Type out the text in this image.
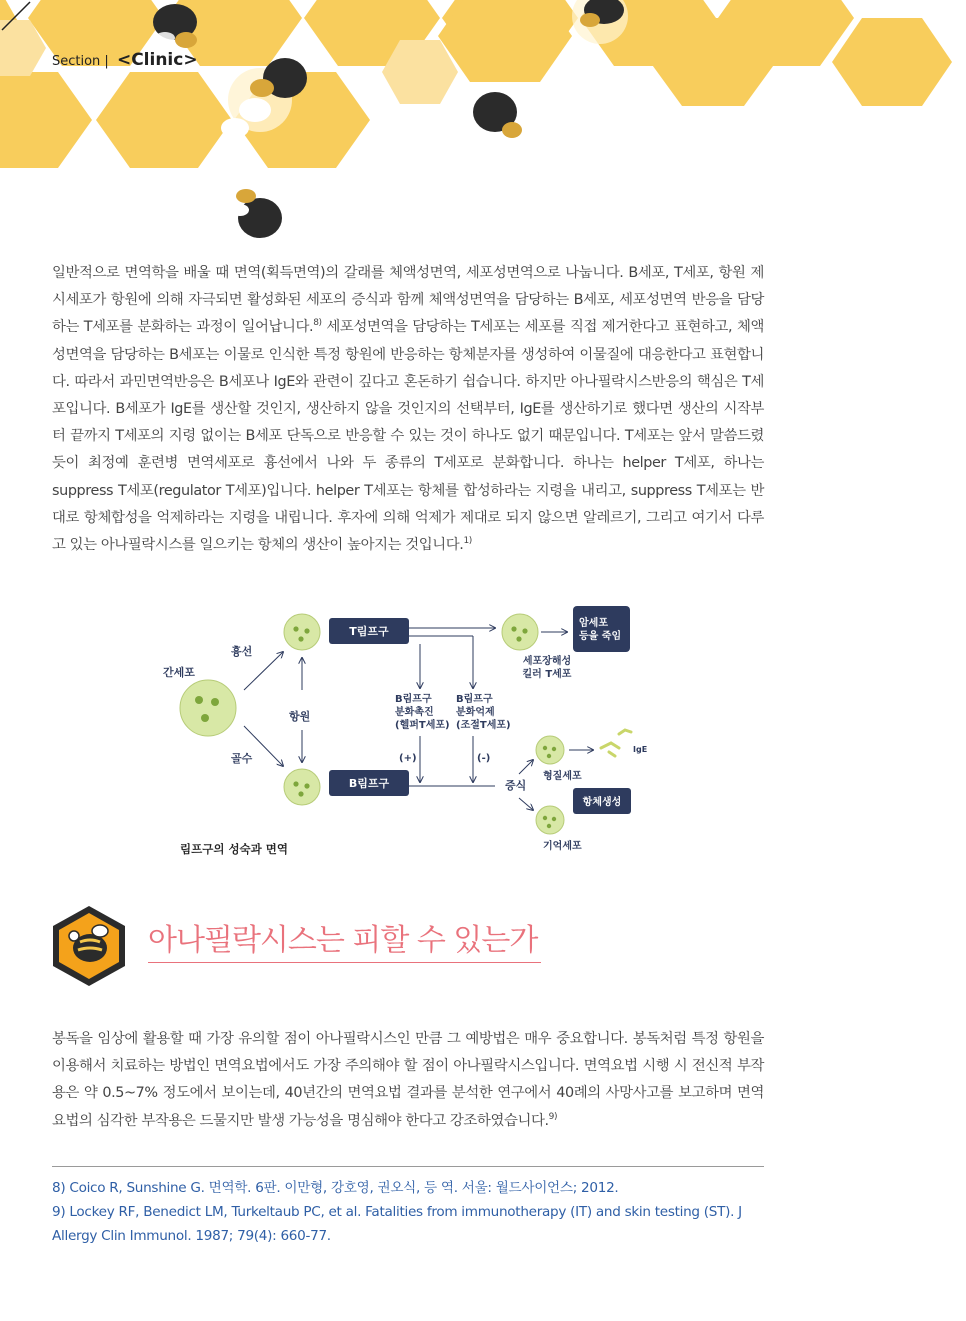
Section | <Clinic>
일반적으로 면역학을 배울 때 면역(획득면역)의 갈래를 체액성면역, 세포성면역으로 나눕니다. B세포, T세포, 항원 제시세포가 항원에 의해 자극되면 활성화된 세포의 증식과 함께 체액성면역을 담당하는 B세포, 세포성면역 반응을 담당하는 T세포를 분화하는 과정이 일어납니다.$^{8)}$ 세포성면역을 담당하는 T세포는 세포를 직접 제거한다고 표현하고, 체액성면역을 담당하는 B세포는 이물로 인식한 특정 항원에 반응하는 항체분자를 생성하여 이물질에 대응한다고 표현합니다. 따라서 과민면역반응은 B세포나 IgE와 관련이 깊다고 혼돈하기 쉽습니다. 하지만 아나필락시스반응의 핵심은 T세포입니다. B세포가 IgE를 생산할 것인지, 생산하지 않을 것인지의 선택부터, IgE를 생산하기로 했다면 생산의 시작부터 끝까지 T세포의 지령 없이는 B세포 단독으로 반응할 수 있는 것이 하나도 없기 때문입니다. T세포는 앞서 말씀드렸듯이 최정예 훈련병 면역세포로 흉선에서 나와 두 종류의 T세포로 분화합니다. 하나는 helper T세포, 하나는 suppress T세포(regulator T세포)입니다. helper T세포는 항체를 합성하라는 지령을 내리고, suppress T세포는 반대로 항체합성을 억제하라는 지령을 내립니다. 후자에 의해 억제가 제대로 되지 않으면 알레르기, 그리고 여기서 다루고 있는 아나필락시스를 일으키는 항체의 생산이 높아지는 것입니다.$^{1)}$
간세포
흉선
골수
항원
T림프구
B림프구
세포장해성
킬러 T세포
암세포
등을 죽임
B림프구
분화촉진
(헬퍼T세포)
B림프구
분화억제
(조절T세포)
(+)	(-)
증식
형질세포
IgE
항체생성
기억세포
림프구의 성숙과 면역
아나필락시스는 피할 수 있는가
봉독을 임상에 활용할 때 가장 유의할 점이 아나필락시스인 만큼 그 예방법은 매우 중요합니다. 봉독처럼 특정 항원을 이용해서 치료하는 방법인 면역요법에서도 가장 주의해야 할 점이 아나필락시스입니다. 면역요법 시행 시 전신적 부작용은 약 0.5~7% 정도에서 보이는데, 40년간의 면역요법 결과를 분석한 연구에서 40례의 사망사고를 보고하며 면역요법의 심각한 부작용은 드물지만 발생 가능성을 명심해야 한다고 강조하였습니다.$^{9)}$

8) Coico R, Sunshine G. 면역학. 6판. 이만형, 강호영, 권오식, 등 역. 서울: 월드사이언스; 2012.

9) Lockey RF, Benedict LM, Turkeltaub PC, et al. Fatalities from immunotherapy (IT) and skin testing (ST). J Allergy Clin Immunol. 1987; 79(4): 660-77.
